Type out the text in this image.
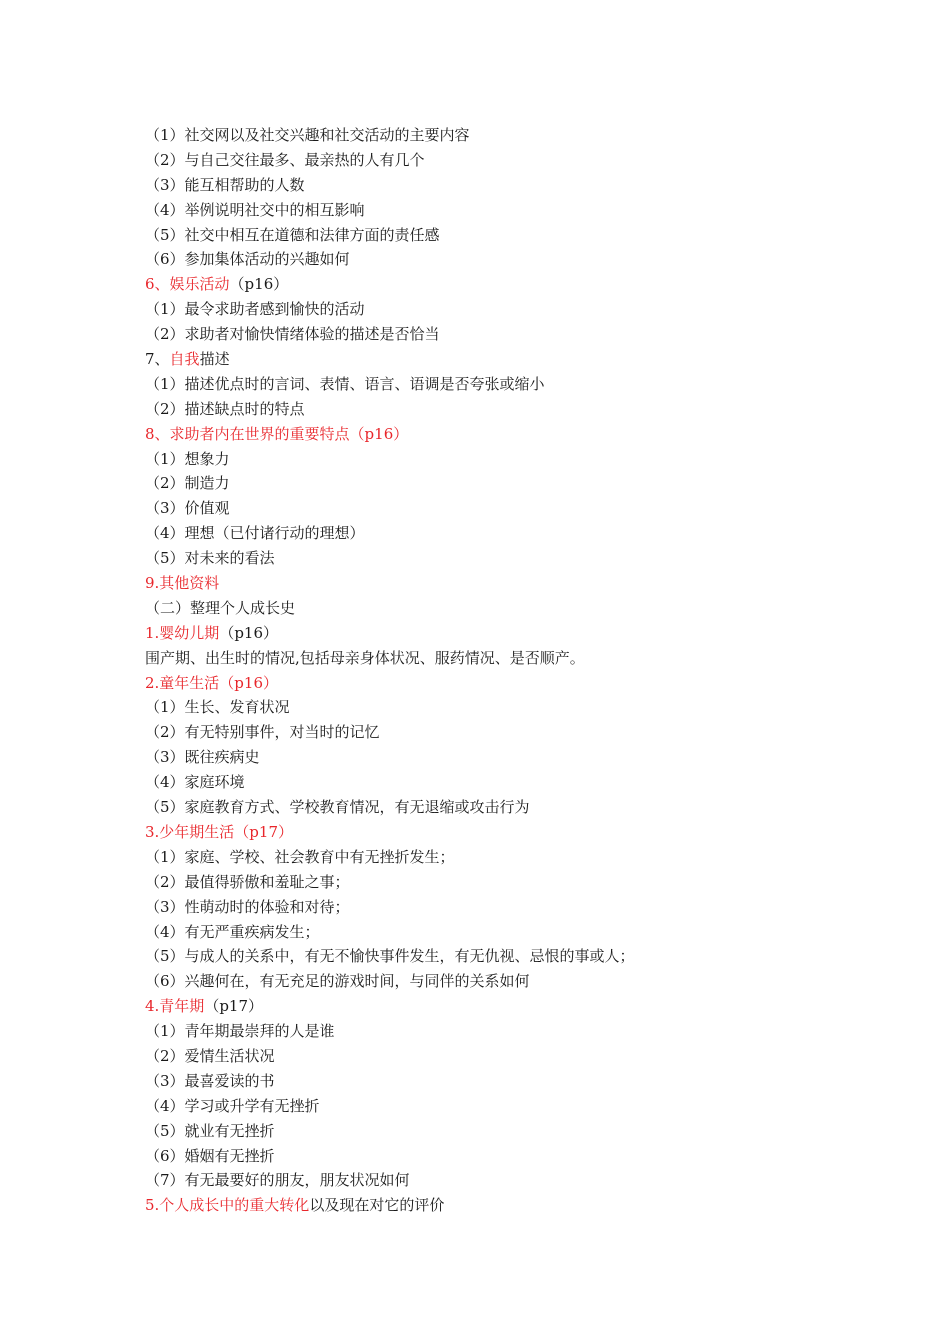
（1）社交网以及社交兴趣和社交活动的主要内容
（2）与自己交往最多、最亲热的人有几个
（3）能互相帮助的人数
（4）举例说明社交中的相互影响
（5）社交中相互在道德和法律方面的责任感
（6）参加集体活动的兴趣如何
6、娱乐活动（p16）
（1）最令求助者感到愉快的活动
（2）求助者对愉快情绪体验的描述是否恰当
7、自我描述
（1）描述优点时的言词、表情、语言、语调是否夸张或缩小
（2）描述缺点时的特点
8、求助者内在世界的重要特点（p16）
（1）想象力
（2）制造力
（3）价值观
（4）理想（已付诸行动的理想）
（5）对未来的看法
9.其他资料
（二）整理个人成长史
1.婴幼儿期（p16）
围产期、出生时的情况,包括母亲身体状况、服药情况、是否顺产。
2.童年生活（p16）
（1）生长、发育状况
（2）有无特别事件，对当时的记忆
（3）既往疾病史
（4）家庭环境
（5）家庭教育方式、学校教育情况，有无退缩或攻击行为
3.少年期生活（p17）
（1）家庭、学校、社会教育中有无挫折发生；
（2）最值得骄傲和羞耻之事；
（3）性萌动时的体验和对待；
（4）有无严重疾病发生；
（5）与成人的关系中，有无不愉快事件发生，有无仇视、忌恨的事或人；
（6）兴趣何在，有无充足的游戏时间，与同伴的关系如何
4.青年期（p17）
（1）青年期最崇拜的人是谁
（2）爱情生活状况
（3）最喜爱读的书
（4）学习或升学有无挫折
（5）就业有无挫折
（6）婚姻有无挫折
（7）有无最要好的朋友，朋友状况如何
5.个人成长中的重大转化以及现在对它的评价
